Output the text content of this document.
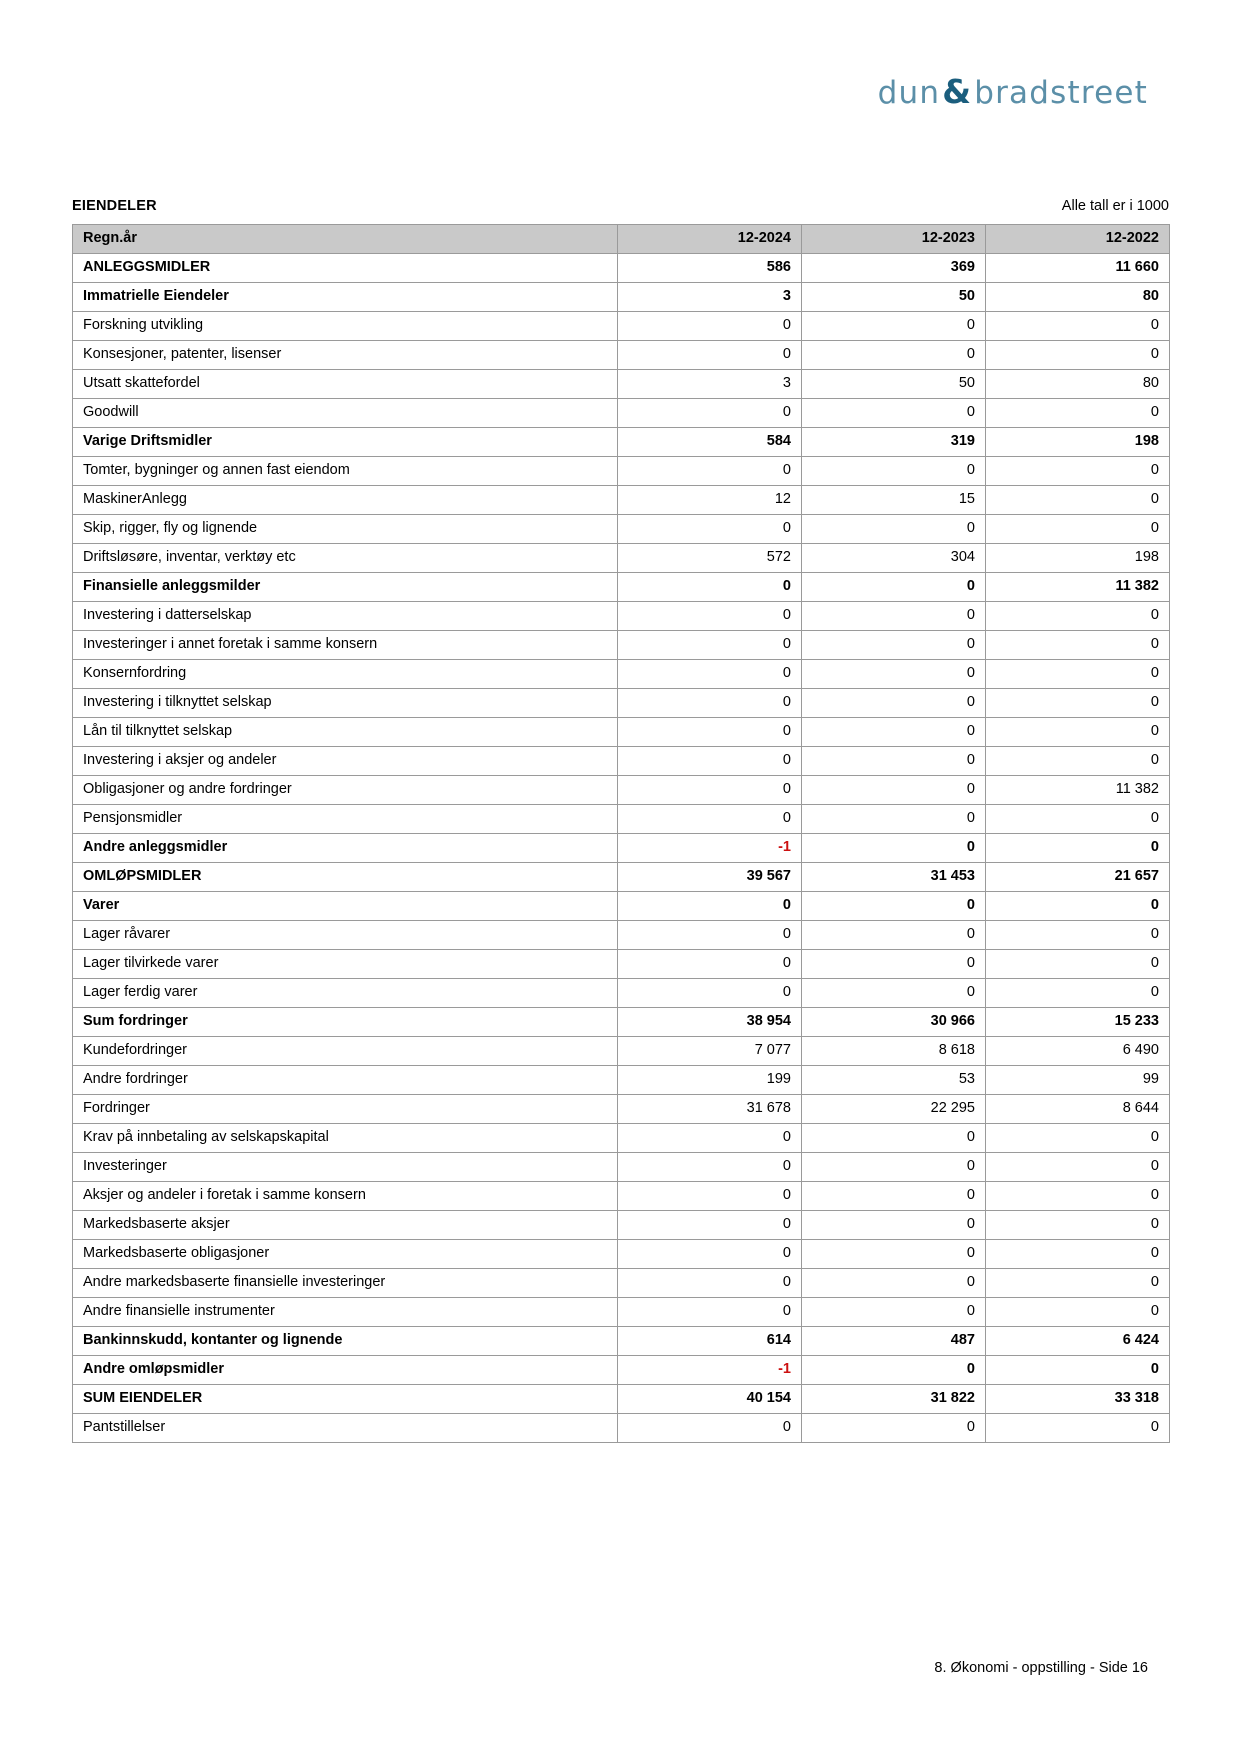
dun&bradstreet
EIENDELER	Alle tall er i 1000
Regn.år	12-2024	12-2023	12-2022
ANLEGGSMIDLER	586	369	11 660
Immatrielle Eiendeler	3	50	80
Forskning utvikling	0	0	0
Konsesjoner, patenter, lisenser	0	0	0
Utsatt skattefordel	3	50	80
Goodwill	0	0	0
Varige Driftsmidler	584	319	198
Tomter, bygninger og annen fast eiendom	0	0	0
MaskinerAnlegg	12	15	0
Skip, rigger, fly og lignende	0	0	0
Driftsløsøre, inventar, verktøy etc	572	304	198
Finansielle anleggsmilder	0	0	11 382
Investering i datterselskap	0	0	0
Investeringer i annet foretak i samme konsern	0	0	0
Konsernfordring	0	0	0
Investering i tilknyttet selskap	0	0	0
Lån til tilknyttet selskap	0	0	0
Investering i aksjer og andeler	0	0	0
Obligasjoner og andre fordringer	0	0	11 382
Pensjonsmidler	0	0	0
Andre anleggsmidler	-1	0	0
OMLØPSMIDLER	39 567	31 453	21 657
Varer	0	0	0
Lager råvarer	0	0	0
Lager tilvirkede varer	0	0	0
Lager ferdig varer	0	0	0
Sum fordringer	38 954	30 966	15 233
Kundefordringer	7 077	8 618	6 490
Andre fordringer	199	53	99
Fordringer	31 678	22 295	8 644
Krav på innbetaling av selskapskapital	0	0	0
Investeringer	0	0	0
Aksjer og andeler i foretak i samme konsern	0	0	0
Markedsbaserte aksjer	0	0	0
Markedsbaserte obligasjoner	0	0	0
Andre markedsbaserte finansielle investeringer	0	0	0
Andre finansielle instrumenter	0	0	0
Bankinnskudd, kontanter og lignende	614	487	6 424
Andre omløpsmidler	-1	0	0
SUM EIENDELER	40 154	31 822	33 318
Pantstillelser	0	0	0
8. Økonomi - oppstilling - Side 16
